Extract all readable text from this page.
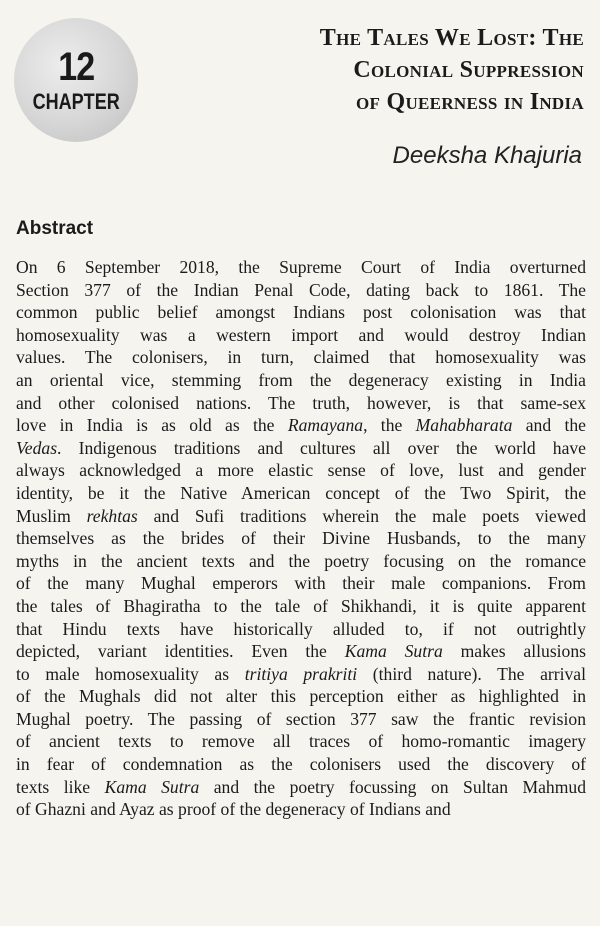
12
CHAPTER
The Tales We Lost: The
Colonial Suppression
of Queerness in India
Deeksha Khajuria
Abstract
On 6 September 2018, the Supreme Court of India overturned
Section 377 of the Indian Penal Code, dating back to 1861. The
common public belief amongst Indians post colonisation was that
homosexuality was a western import and would destroy Indian
values. The colonisers, in turn, claimed that homosexuality was
an oriental vice, stemming from the degeneracy existing in India
and other colonised nations. The truth, however, is that same-sex
love in India is as old as the Ramayana, the Mahabharata and the
Vedas. Indigenous traditions and cultures all over the world have
always acknowledged a more elastic sense of love, lust and gender
identity, be it the Native American concept of the Two Spirit, the
Muslim rekhtas and Sufi traditions wherein the male poets viewed
themselves as the brides of their Divine Husbands, to the many
myths in the ancient texts and the poetry focusing on the romance
of the many Mughal emperors with their male companions. From
the tales of Bhagiratha to the tale of Shikhandi, it is quite apparent
that Hindu texts have historically alluded to, if not outrightly
depicted, variant identities. Even the Kama Sutra makes allusions
to male homosexuality as tritiya prakriti (third nature). The arrival
of the Mughals did not alter this perception either as highlighted in
Mughal poetry. The passing of section 377 saw the frantic revision
of ancient texts to remove all traces of homo-romantic imagery
in fear of condemnation as the colonisers used the discovery of
texts like Kama Sutra and the poetry focussing on Sultan Mahmud
of Ghazni and Ayaz as proof of the degeneracy of Indians and
